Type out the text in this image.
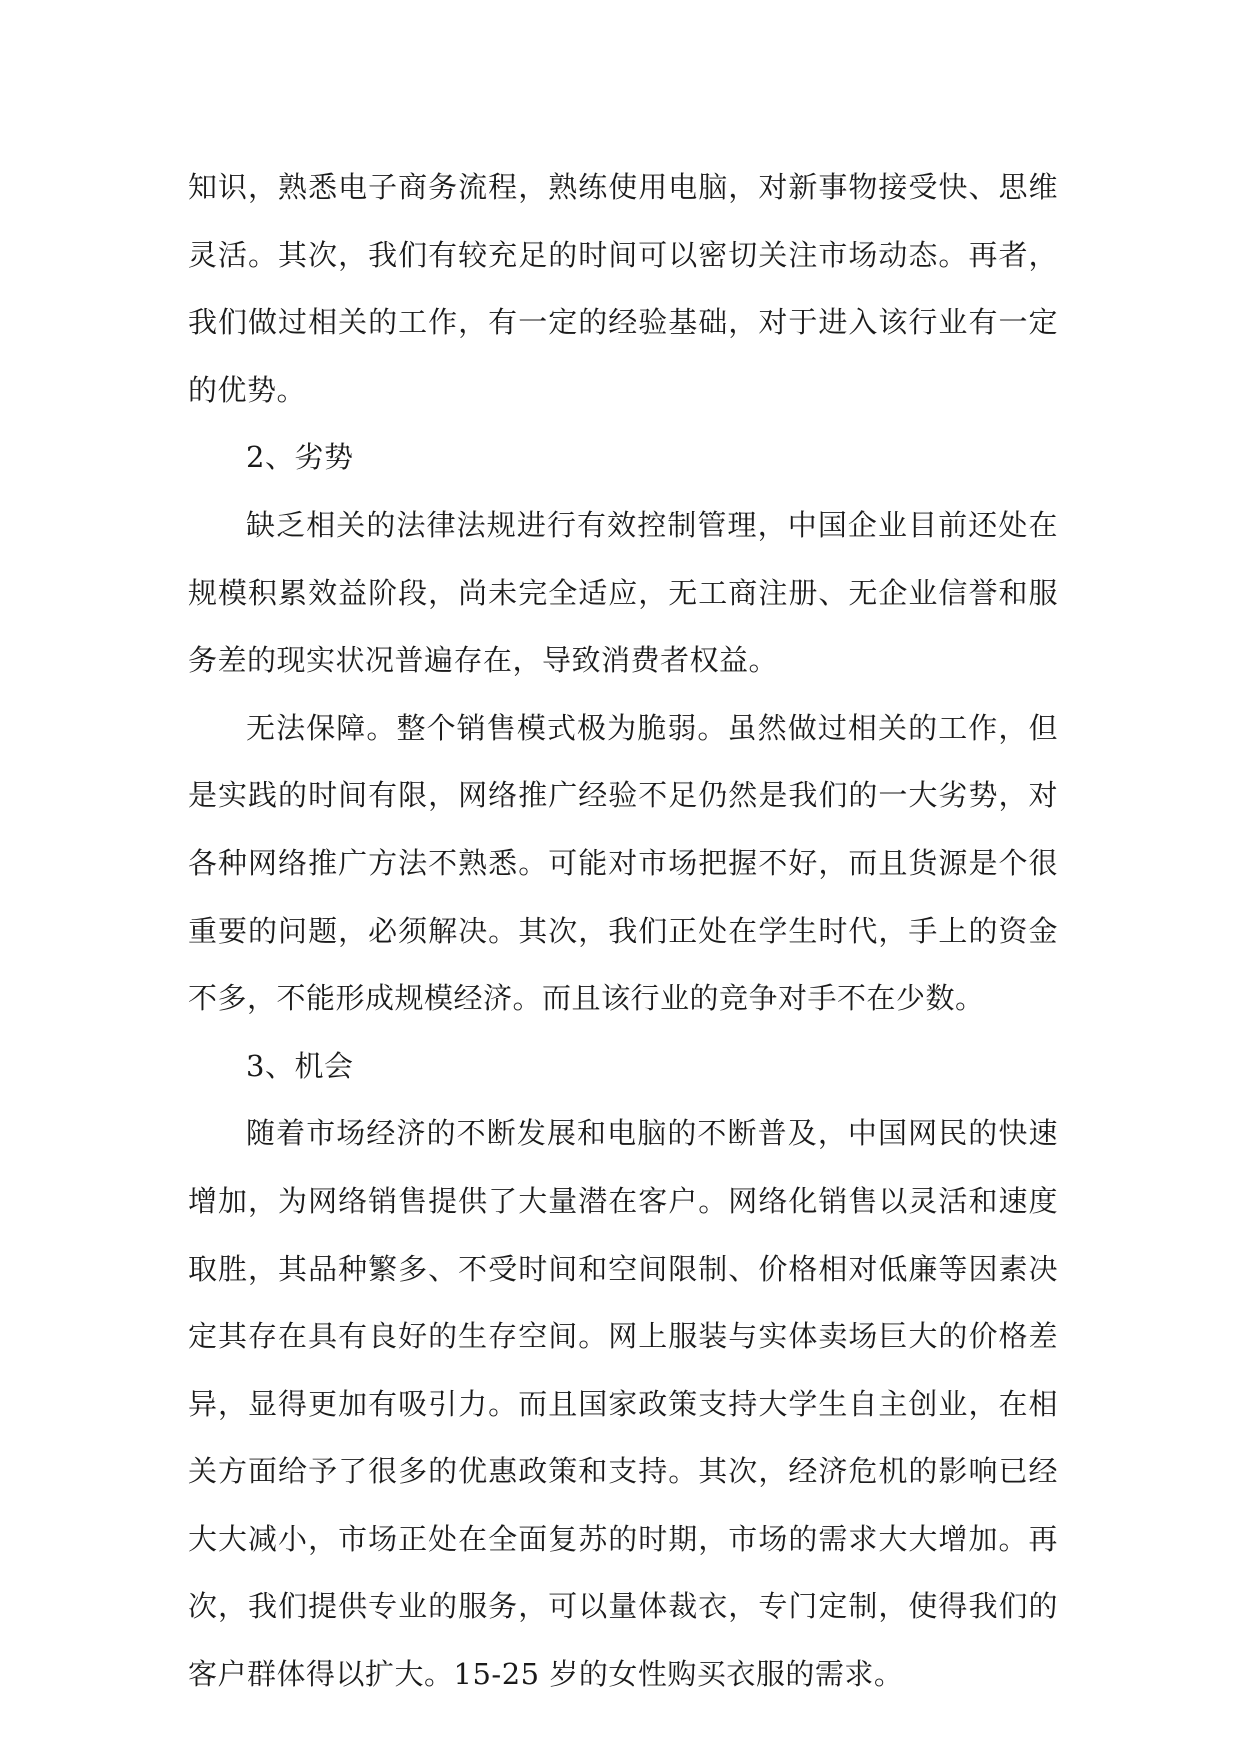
知识，熟悉电子商务流程，熟练使用电脑，对新事物接受快、思维灵活。其次，我们有较充足的时间可以密切关注市场动态。再者，我们做过相关的工作，有一定的经验基础，对于进入该行业有一定的优势。

2、劣势

缺乏相关的法律法规进行有效控制管理，中国企业目前还处在规模积累效益阶段，尚未完全适应，无工商注册、无企业信誉和服务差的现实状况普遍存在，导致消费者权益。

无法保障。整个销售模式极为脆弱。虽然做过相关的工作，但是实践的时间有限，网络推广经验不足仍然是我们的一大劣势，对各种网络推广方法不熟悉。可能对市场把握不好，而且货源是个很重要的问题，必须解决。其次，我们正处在学生时代，手上的资金不多，不能形成规模经济。而且该行业的竞争对手不在少数。

3、机会

随着市场经济的不断发展和电脑的不断普及，中国网民的快速增加，为网络销售提供了大量潜在客户。网络化销售以灵活和速度取胜，其品种繁多、不受时间和空间限制、价格相对低廉等因素决定其存在具有良好的生存空间。网上服装与实体卖场巨大的价格差异，显得更加有吸引力。而且国家政策支持大学生自主创业，在相关方面给予了很多的优惠政策和支持。其次，经济危机的影响已经大大减小，市场正处在全面复苏的时期，市场的需求大大增加。再次，我们提供专业的服务，可以量体裁衣，专门定制，使得我们的客户群体得以扩大。15-25 岁的女性购买衣服的需求。
